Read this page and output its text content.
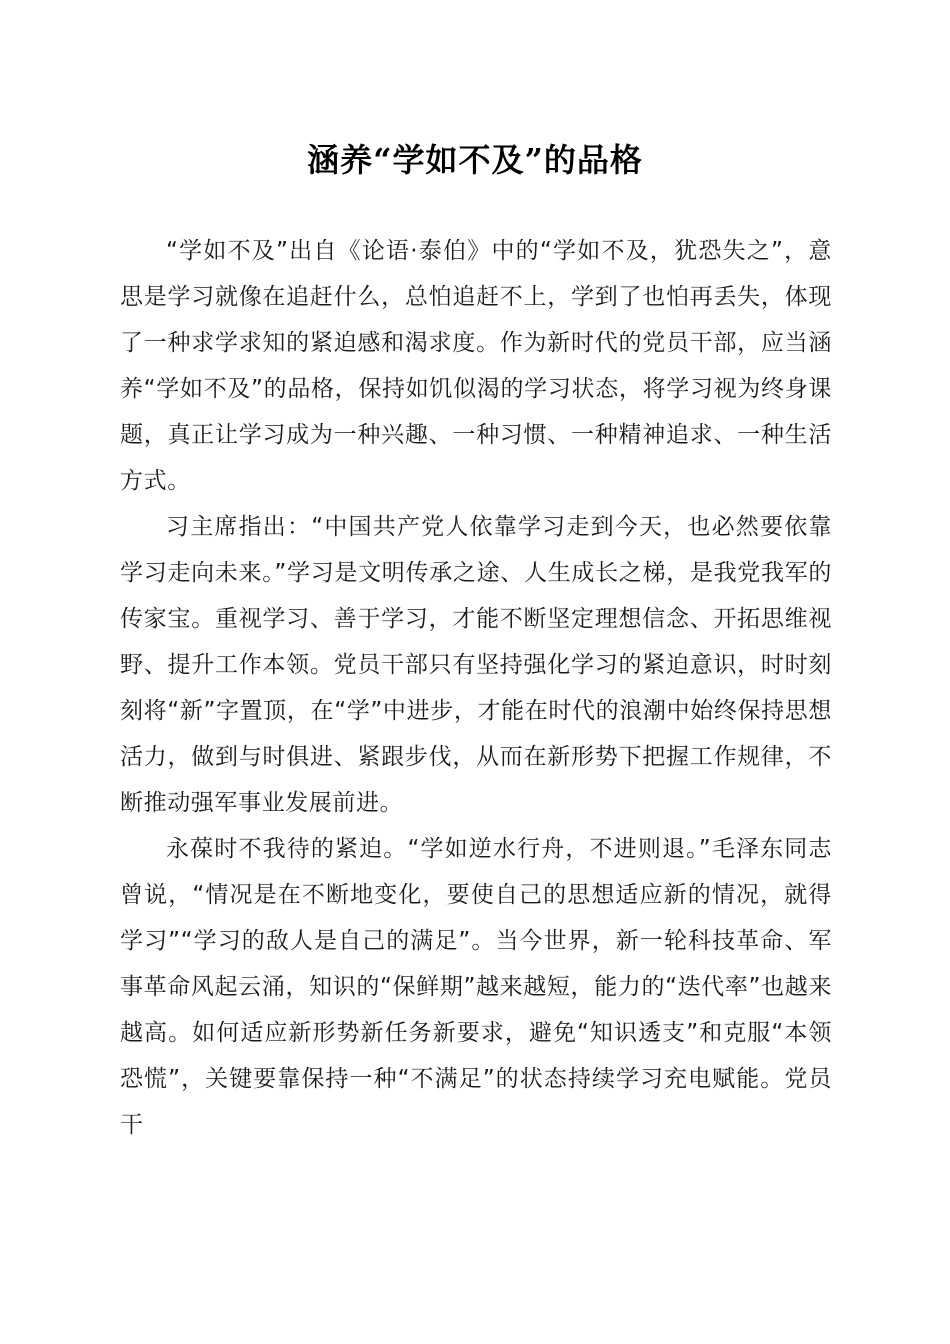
涵养“学如不及”的品格

“学如不及”出自《论语·泰伯》中的“学如不及，犹恐失之”，意思是学习就像在追赶什么，总怕追赶不上，学到了也怕再丢失，体现了一种求学求知的紧迫感和渴求度。作为新时代的党员干部，应当涵养“学如不及”的品格，保持如饥似渴的学习状态，将学习视为终身课题，真正让学习成为一种兴趣、一种习惯、一种精神追求、一种生活方式。

习主席指出：“中国共产党人依靠学习走到今天，也必然要依靠学习走向未来。”学习是文明传承之途、人生成长之梯，是我党我军的传家宝。重视学习、善于学习，才能不断坚定理想信念、开拓思维视野、提升工作本领。党员干部只有坚持强化学习的紧迫意识，时时刻刻将“新”字置顶，在“学”中进步，才能在时代的浪潮中始终保持思想活力，做到与时俱进、紧跟步伐，从而在新形势下把握工作规律，不断推动强军事业发展前进。

永葆时不我待的紧迫。“学如逆水行舟，不进则退。”毛泽东同志曾说，“情况是在不断地变化，要使自己的思想适应新的情况，就得学习”“学习的敌人是自己的满足”。当今世界，新一轮科技革命、军事革命风起云涌，知识的“保鲜期”越来越短，能力的“迭代率”也越来越高。如何适应新形势新任务新要求，避免“知识透支”和克服“本领恐慌”，关键要靠保持一种“不满足”的状态持续学习充电赋能。党员干
